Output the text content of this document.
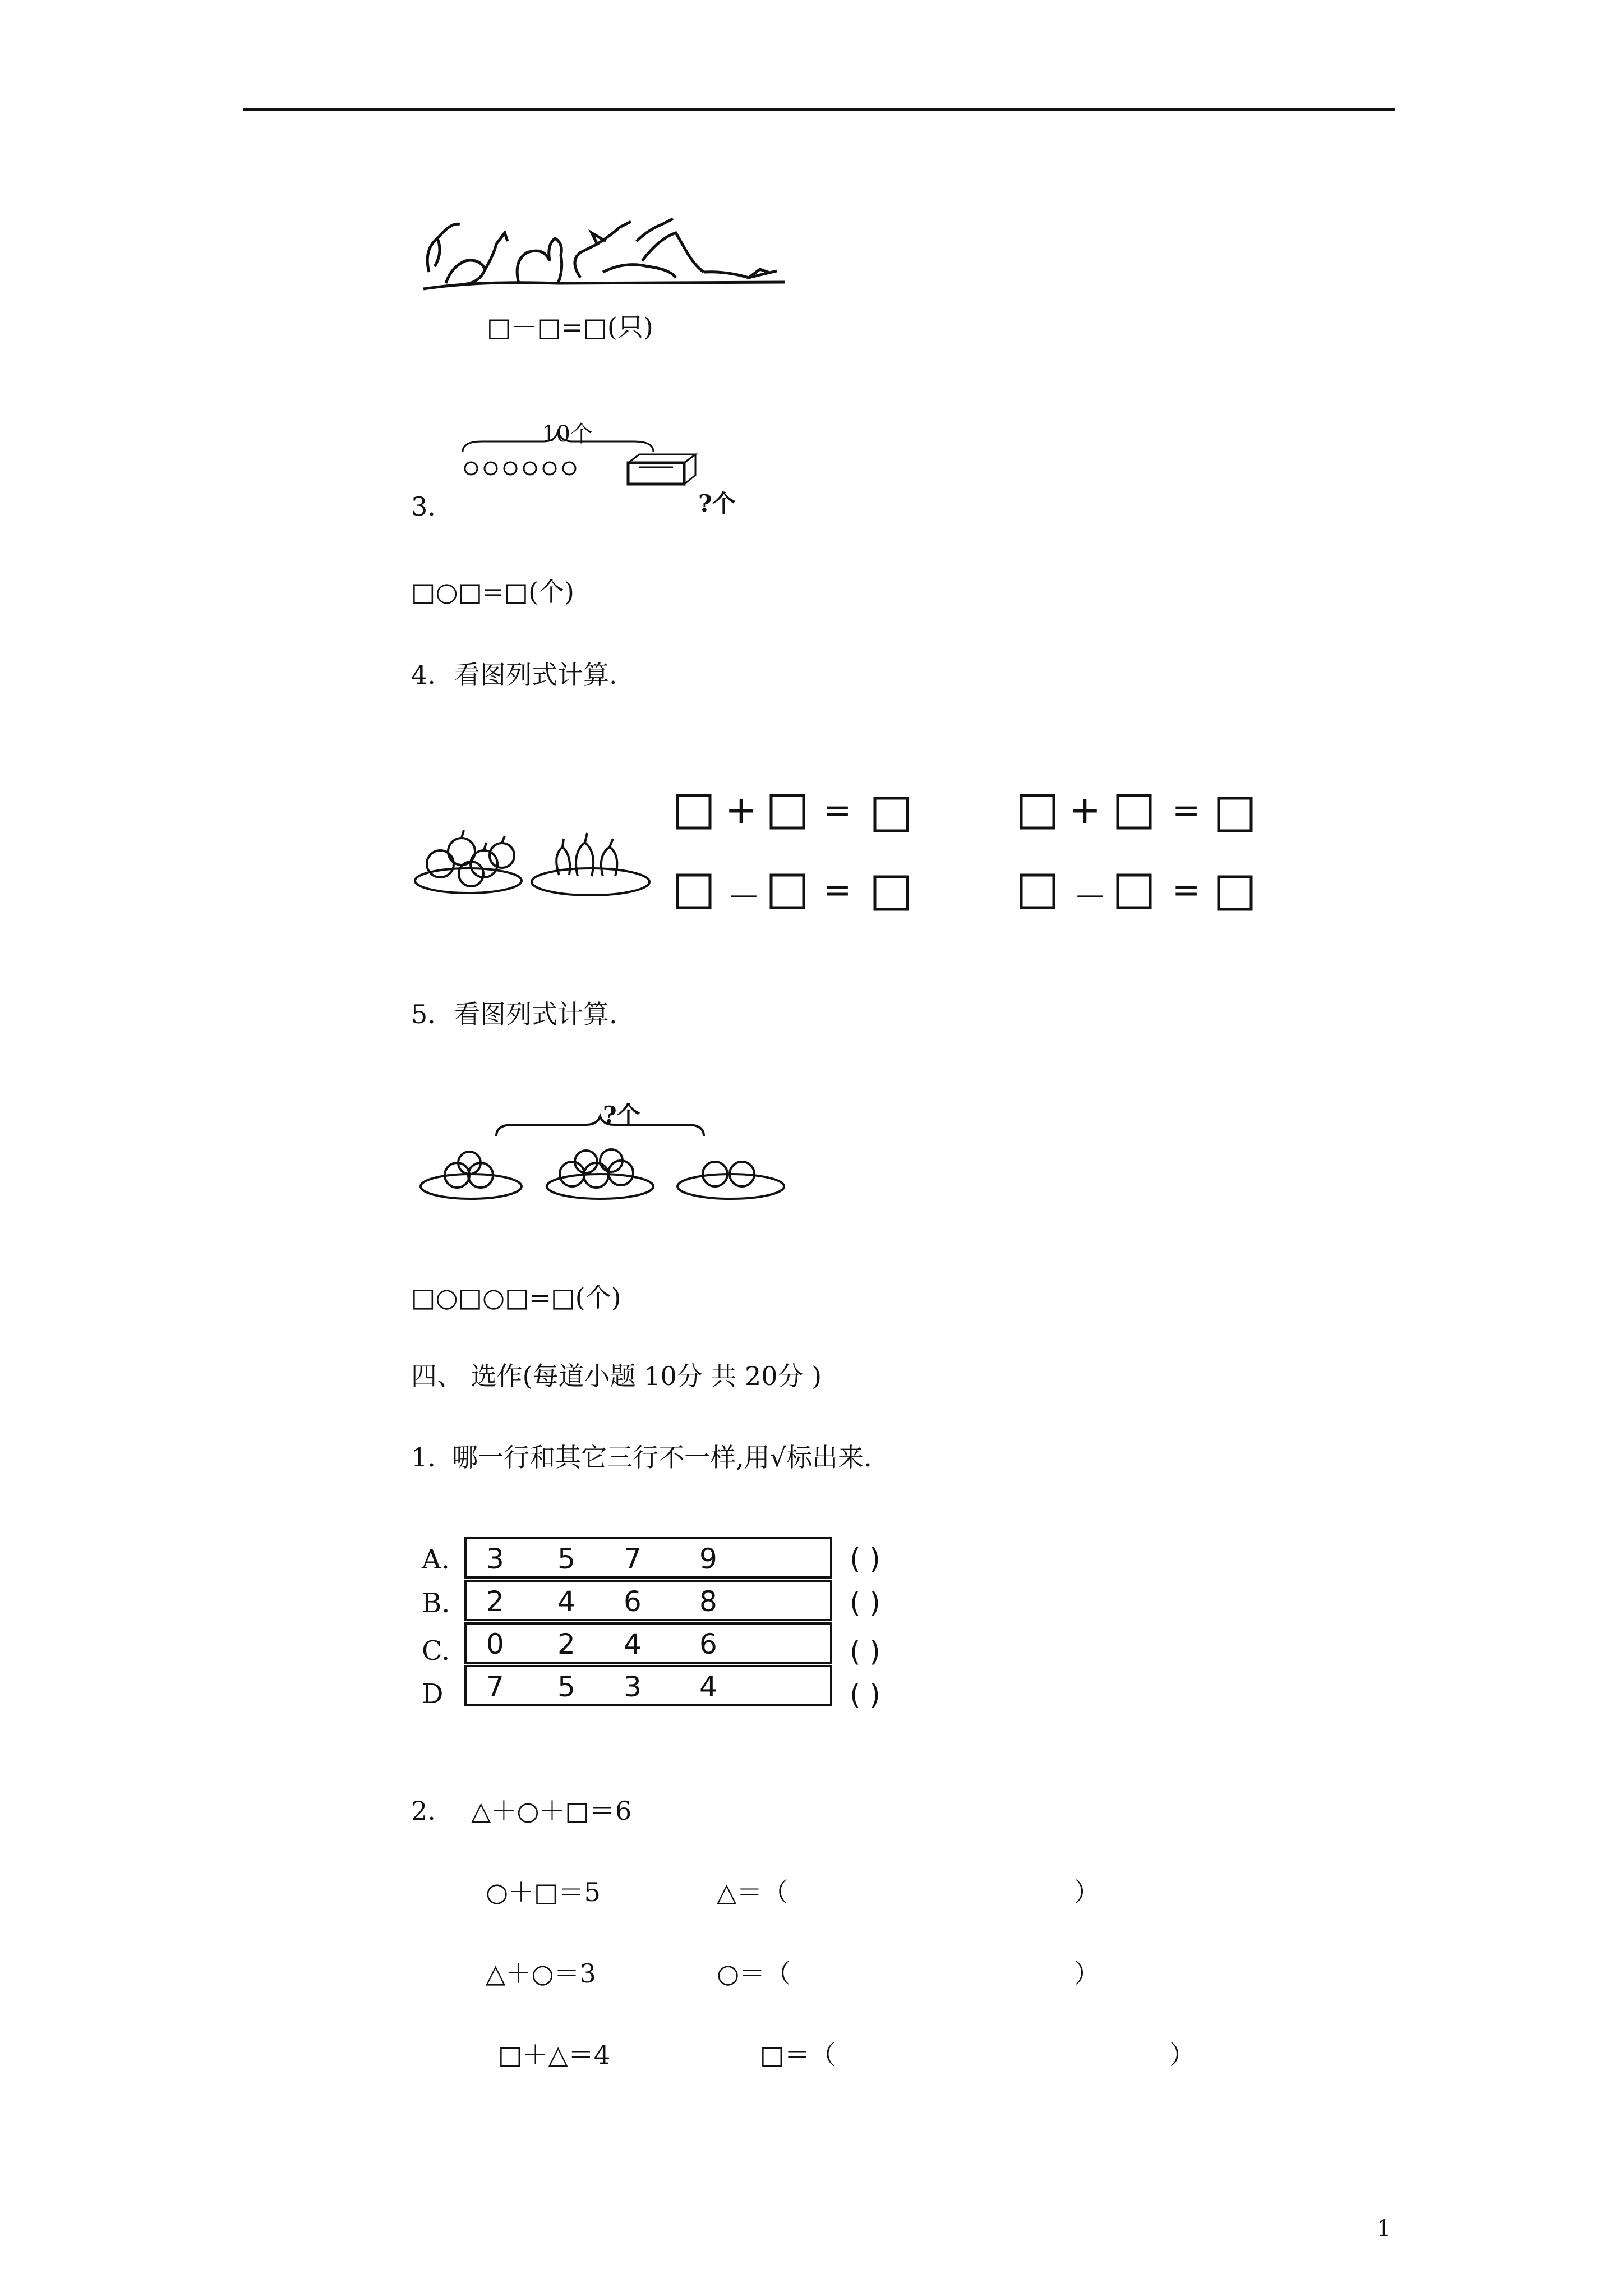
□－□=□(只)
10个
?个
3.
□○□=□(个)
4. 看图列式计算.
+ =
－ =
+ =
－ =
5. 看图列式计算.
?个
□○□○□=□(个)
四、 选作(每道小题 10分 共 20分 )
1.  哪一行和其它三行不一样,用√标出来.
A. 3 5 7 9	( )
B. 2 4 6 8	( )
C. 0 2 4 6	( )
D 7 5 3 4	( )
2. △＋○＋□＝6
○＋□＝5	△＝（	）
△＋○＝3	○＝（	）
□＋△＝4	□＝（	）
1
